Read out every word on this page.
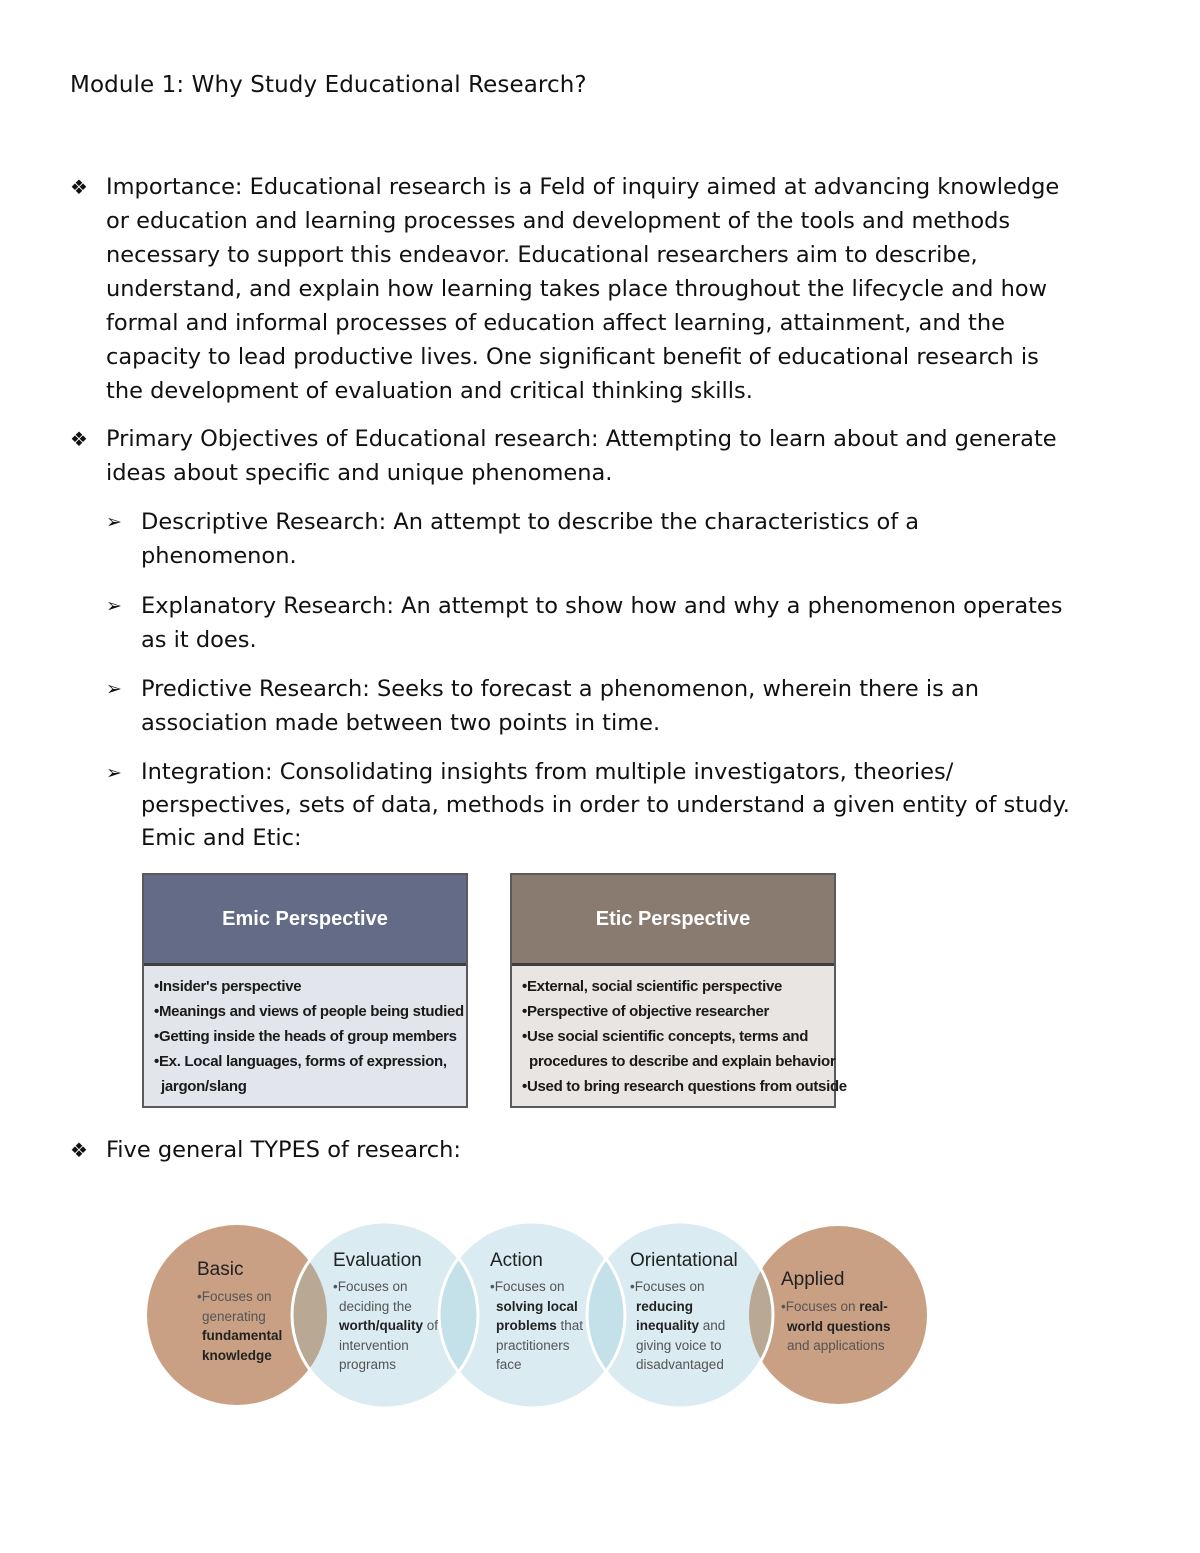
Module 1: Why Study Educational Research?
❖ Importance: Educational research is a Feld of inquiry aimed at advancing knowledge
or education and learning processes and development of the tools and methods
necessary to support this endeavor. Educational researchers aim to describe,
understand, and explain how learning takes place throughout the lifecycle and how
formal and informal processes of education affect learning, attainment, and the
capacity to lead productive lives. One significant benefit of educational research is
the development of evaluation and critical thinking skills.
❖ Primary Objectives of Educational research: Attempting to learn about and generate
ideas about specific and unique phenomena.
➢ Descriptive Research: An attempt to describe the characteristics of a
phenomenon.
➢ Explanatory Research: An attempt to show how and why a phenomenon operates
as it does.
➢ Predictive Research: Seeks to forecast a phenomenon, wherein there is an
association made between two points in time.
➢ Integration: Consolidating insights from multiple investigators, theories/
perspectives, sets of data, methods in order to understand a given entity of study.
Emic and Etic:
Emic Perspective
•Insider's perspective
•Meanings and views of people being studied
•Getting inside the heads of group members
•Ex. Local languages, forms of expression,
jargon/slang
Etic Perspective
•External, social scientific perspective
•Perspective of objective researcher
•Use social scientific concepts, terms and
procedures to describe and explain behavior
•Used to bring research questions from outside
❖ Five general TYPES of research:
Basic
•Focuses on
generating
fundamental
knowledge
Evaluation
•Focuses on
deciding the
worth/quality of
intervention
programs
Action
•Focuses on
solving local
problems that
practitioners
face
Orientational
•Focuses on
reducing
inequality and
giving voice to
disadvantaged
Applied
•Focuses on real-
world questions
and applications
